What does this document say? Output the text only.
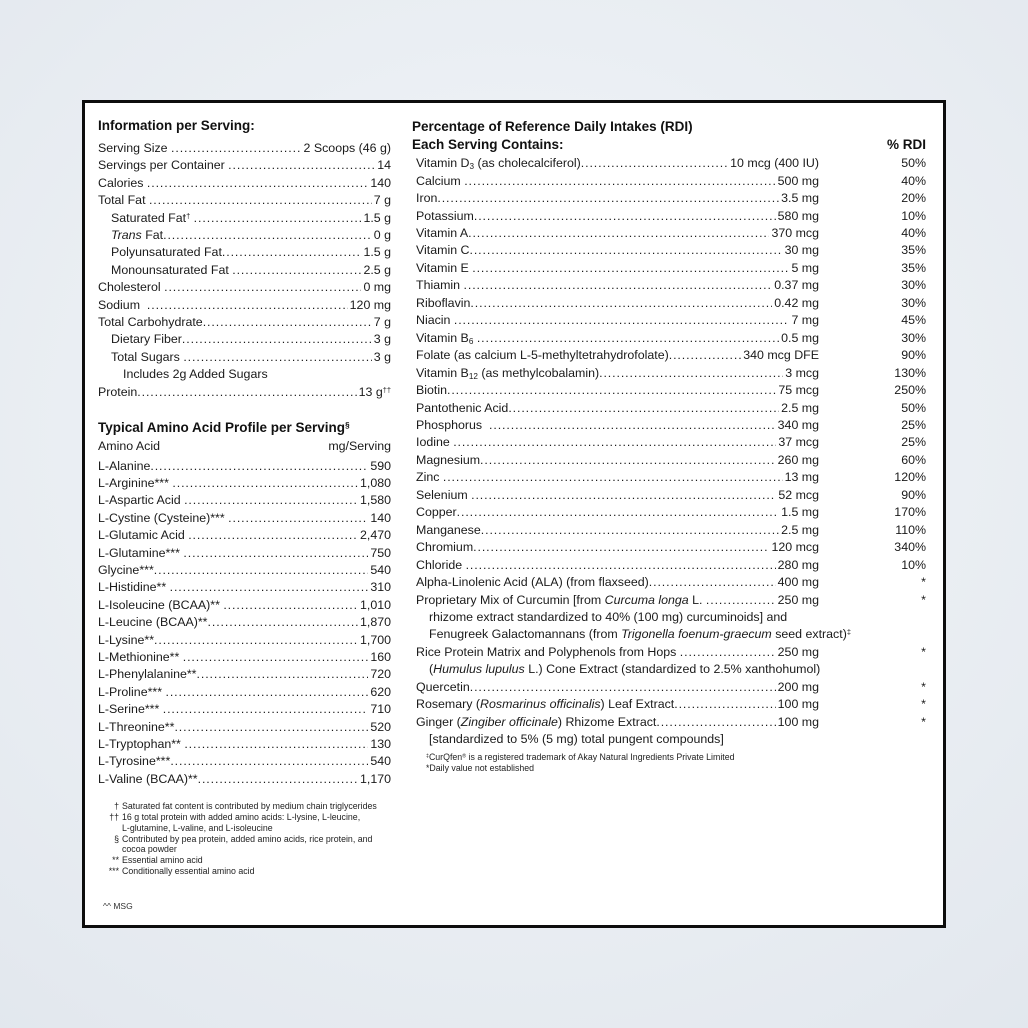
Information per Serving:
Serving Size .....	2 Scoops (46 g)
Servings per Container .....	14
Calories .....	140
Total Fat .....	7 g
Saturated Fat† .....	1.5 g
Trans Fat .....	0 g
Polyunsaturated Fat .....	1.5 g
Monounsaturated Fat .....	2.5 g
Cholesterol .....	0 mg
Sodium .....	120 mg
Total Carbohydrate .....	7 g
Dietary Fiber .....	3 g
Total Sugars .....	3 g
Includes 2g Added Sugars
Protein .....	13 g††
Typical Amino Acid Profile per Serving§
Amino Acid	mg/Serving
L-Alanine .....	590
L-Arginine*** .....	1,080
L-Aspartic Acid .....	1,580
L-Cystine (Cysteine)*** .....	140
L-Glutamic Acid .....	2,470
L-Glutamine*** .....	750
Glycine*** .....	540
L-Histidine** .....	310
L-Isoleucine (BCAA)** .....	1,010
L-Leucine (BCAA)** .....	1,870
L-Lysine** .....	1,700
L-Methionine** .....	160
L-Phenylalanine** .....	720
L-Proline*** .....	620
L-Serine*** .....	710
L-Threonine** .....	520
L-Tryptophan** .....	130
L-Tyrosine*** .....	540
L-Valine (BCAA)** .....	1,170
† Saturated fat content is contributed by medium chain triglycerides
†† 16 g total protein with added amino acids: L-lysine, L-leucine,
L-glutamine, L-valine, and L-isoleucine
§ Contributed by pea protein, added amino acids, rice protein, and
cocoa powder
** Essential amino acid
*** Conditionally essential amino acid
^^ MSG
Percentage of Reference Daily Intakes (RDI)
Each Serving Contains:	% RDI
Vitamin $D_3$ (as cholecalciferol) .....	10 mcg (400 IU)	50%
Calcium .....	500 mg	40%
Iron .....	3.5 mg	20%
Potassium .....	580 mg	10%
Vitamin A .....	370 mcg	40%
Vitamin C .....	30 mg	35%
Vitamin E .....	5 mg	35%
Thiamin .....	0.37 mg	30%
Riboflavin .....	0.42 mg	30%
Niacin .....	7 mg	45%
Vitamin $B_6$ .....	0.5 mg	30%
Folate (as calcium L-5-methyltetrahydrofolate) .....	340 mcg DFE	90%
Vitamin $B_{12}$ (as methylcobalamin) .....	3 mcg	130%
Biotin .....	75 mcg	250%
Pantothenic Acid .....	2.5 mg	50%
Phosphorus .....	340 mg	25%
Iodine .....	37 mcg	25%
Magnesium .....	260 mg	60%
Zinc .....	13 mg	120%
Selenium .....	52 mcg	90%
Copper .....	1.5 mg	170%
Manganese .....	2.5 mg	110%
Chromium .....	120 mcg	340%
Chloride .....	280 mg	10%
Alpha-Linolenic Acid (ALA) (from flaxseed) .....	400 mg	*
Proprietary Mix of Curcumin [from Curcuma longa L. .....	250 mg	*
rhizome extract standardized to 40% (100 mg) curcuminoids] and
Fenugreek Galactomannans (from Trigonella foenum-graecum seed extract)‡
Rice Protein Matrix and Polyphenols from Hops .....	250 mg	*
(Humulus lupulus L.) Cone Extract (standardized to 2.5% xanthohumol)
Quercetin .....	200 mg	*
Rosemary (Rosmarinus officinalis) Leaf Extract .....	100 mg	*
Ginger (Zingiber officinale) Rhizome Extract .....	100 mg	*
[standardized to 5% (5 mg) total pungent compounds]
‡CurQfen® is a registered trademark of Akay Natural Ingredients Private Limited
*Daily value not established
